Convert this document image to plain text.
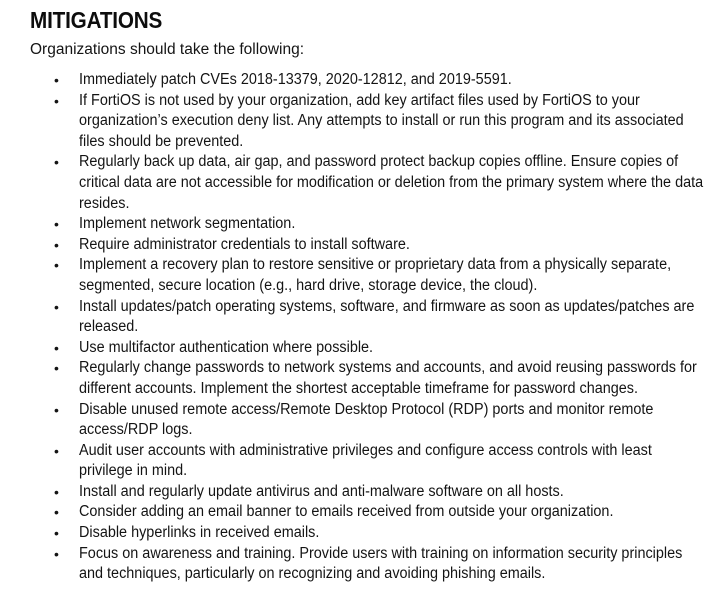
MITIGATIONS

Organizations should take the following:

• Immediately patch CVEs 2018-13379, 2020-12812, and 2019-5591.
• If FortiOS is not used by your organization, add key artifact files used by FortiOS to your organization’s execution deny list. Any attempts to install or run this program and its associated files should be prevented.
• Regularly back up data, air gap, and password protect backup copies offline. Ensure copies of critical data are not accessible for modification or deletion from the primary system where the data resides.
• Implement network segmentation.
• Require administrator credentials to install software.
• Implement a recovery plan to restore sensitive or proprietary data from a physically separate, segmented, secure location (e.g., hard drive, storage device, the cloud).
• Install updates/patch operating systems, software, and firmware as soon as updates/patches are released.
• Use multifactor authentication where possible.
• Regularly change passwords to network systems and accounts, and avoid reusing passwords for different accounts. Implement the shortest acceptable timeframe for password changes.
• Disable unused remote access/Remote Desktop Protocol (RDP) ports and monitor remote access/RDP logs.
• Audit user accounts with administrative privileges and configure access controls with least privilege in mind.
• Install and regularly update antivirus and anti-malware software on all hosts.
• Consider adding an email banner to emails received from outside your organization.
• Disable hyperlinks in received emails.
• Focus on awareness and training. Provide users with training on information security principles and techniques, particularly on recognizing and avoiding phishing emails.
